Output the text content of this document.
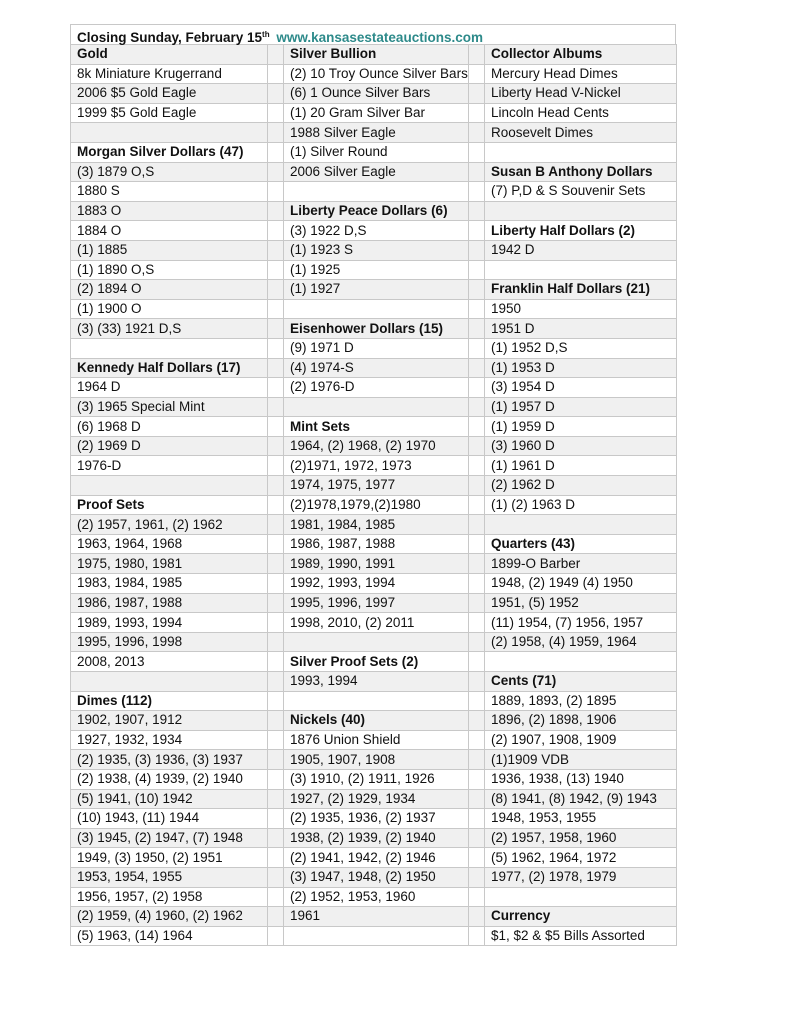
Closing Sunday, February 15th www.kansasestateauctions.com
Gold		Silver Bullion		Collector Albums
8k Miniature Krugerrand		(2) 10 Troy Ounce Silver Bars		Mercury Head Dimes
2006 $5 Gold Eagle		(6) 1 Ounce Silver Bars		Liberty Head V-Nickel
1999 $5 Gold Eagle		(1) 20 Gram Silver Bar		Lincoln Head Cents
		1988 Silver Eagle		Roosevelt Dimes
Morgan Silver Dollars (47)		(1) Silver Round		
(3) 1879 O,S		2006 Silver Eagle		Susan B Anthony Dollars
1880 S				(7) P,D & S Souvenir Sets
1883 O		Liberty Peace Dollars (6)		
1884 O		(3) 1922 D,S		Liberty Half Dollars (2)
(1) 1885		(1) 1923 S		1942 D
(1) 1890 O,S		(1) 1925		
(2) 1894 O		(1) 1927		Franklin Half Dollars (21)
(1) 1900 O				1950
(3) (33) 1921 D,S		Eisenhower Dollars (15)		1951 D
		(9) 1971 D		(1) 1952 D,S
Kennedy Half Dollars (17)		(4) 1974-S		(1) 1953 D
1964 D		(2) 1976-D		(3) 1954 D
(3) 1965 Special Mint				(1) 1957 D
(6) 1968 D		Mint Sets		(1) 1959 D
(2) 1969 D		1964, (2) 1968, (2) 1970		(3) 1960 D
1976-D		(2)1971, 1972, 1973		(1) 1961 D
		1974, 1975, 1977		(2) 1962 D
Proof Sets		(2)1978,1979,(2)1980		(1) (2) 1963 D
(2) 1957, 1961, (2) 1962		1981, 1984, 1985		
1963, 1964, 1968		1986, 1987, 1988		Quarters (43)
1975, 1980, 1981		1989, 1990, 1991		1899-O Barber
1983, 1984, 1985		1992, 1993, 1994		1948, (2) 1949 (4) 1950
1986, 1987, 1988		1995, 1996, 1997		1951, (5) 1952
1989, 1993, 1994		1998, 2010, (2) 2011		(11) 1954, (7) 1956, 1957
1995, 1996, 1998				(2) 1958, (4) 1959, 1964
2008, 2013		Silver Proof Sets (2)		
		1993, 1994		Cents (71)
Dimes (112)				1889, 1893, (2) 1895
1902, 1907, 1912		Nickels (40)		1896, (2) 1898, 1906
1927, 1932, 1934		1876 Union Shield		(2) 1907, 1908, 1909
(2) 1935, (3) 1936, (3) 1937		1905, 1907, 1908		(1)1909 VDB
(2) 1938, (4) 1939, (2) 1940		(3) 1910, (2) 1911, 1926		1936, 1938, (13) 1940
(5) 1941, (10) 1942		1927, (2) 1929, 1934		(8) 1941, (8) 1942, (9) 1943
(10) 1943, (11) 1944		(2) 1935, 1936, (2) 1937		1948, 1953, 1955
(3) 1945, (2) 1947, (7) 1948		1938, (2) 1939, (2) 1940		(2) 1957, 1958, 1960
1949, (3) 1950, (2) 1951		(2) 1941, 1942, (2) 1946		(5) 1962, 1964, 1972
1953, 1954, 1955		(3) 1947, 1948, (2) 1950		1977, (2) 1978, 1979
1956, 1957, (2) 1958		(2) 1952, 1953, 1960		
(2) 1959, (4) 1960, (2) 1962		1961		Currency
(5) 1963, (14) 1964				$1, $2 & $5 Bills Assorted
